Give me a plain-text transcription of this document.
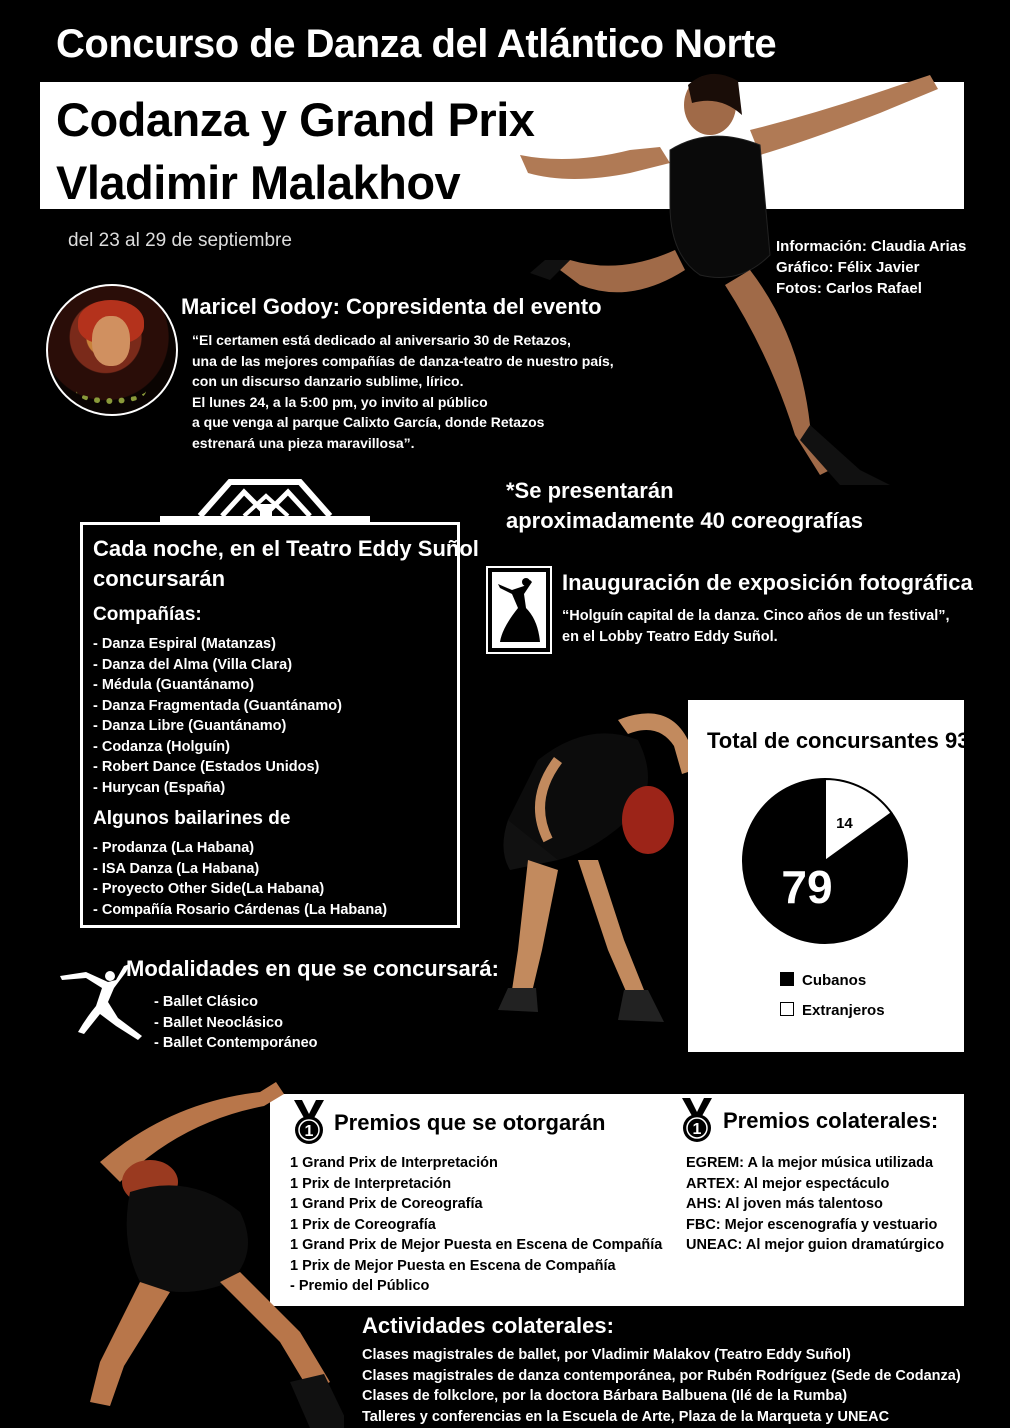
Concurso de Danza del Atlántico Norte
Codanza y Grand Prix
Vladimir Malakhov
del 23 al 29 de septiembre	Información: Claudia Arias
Gráfico: Félix Javier
Fotos: Carlos Rafael
Maricel Godoy: Copresidenta del evento
“El certamen está dedicado al aniversario 30 de Retazos,
una de las mejores compañías de danza-teatro de nuestro país,
con un discurso danzario sublime, lírico.
El lunes 24, a la 5:00 pm, yo invito al público
a que venga al parque Calixto García, donde Retazos
estrenará una pieza maravillosa”.
*Se presentarán
aproximadamente 40 coreografías
Cada noche, en el Teatro Eddy Suñol
concursarán
Compañías:
- Danza Espiral (Matanzas)
- Danza del Alma (Villa Clara)
- Médula (Guantánamo)
- Danza Fragmentada (Guantánamo)
- Danza Libre (Guantánamo)
- Codanza (Holguín)
- Robert Dance (Estados Unidos)
- Hurycan (España)
Algunos bailarines de
- Prodanza (La Habana)
- ISA Danza (La Habana)
- Proyecto Other Side(La Habana)
- Compañía Rosario Cárdenas (La Habana)
Inauguración de exposición fotográfica
“Holguín capital de la danza. Cinco años de un festival”,
en el Lobby Teatro Eddy Suñol.
Total de concursantes 93
14
79
Cubanos
Extranjeros
Modalidades en que se concursará:
- Ballet Clásico
- Ballet Neoclásico
- Ballet Contemporáneo
1 Premios que se otorgarán
1 Grand Prix de Interpretación
1 Prix de Interpretación
1 Grand Prix de Coreografía
1 Prix de Coreografía
1 Grand Prix de Mejor Puesta en Escena de Compañía
1 Prix de Mejor Puesta en Escena de Compañía
- Premio del Público
1 Premios colaterales:
EGREM: A la mejor música utilizada
ARTEX: Al mejor espectáculo
AHS: Al joven más talentoso
FBC: Mejor escenografía y vestuario
UNEAC: Al mejor guion dramatúrgico
Actividades colaterales:
Clases magistrales de ballet, por Vladimir Malakov (Teatro Eddy Suñol)
Clases magistrales de danza contemporánea, por Rubén Rodríguez (Sede de Codanza)
Clases de folkclore, por la doctora Bárbara Balbuena (Ilé de la Rumba)
Talleres y conferencias en la Escuela de Arte, Plaza de la Marqueta y UNEAC
